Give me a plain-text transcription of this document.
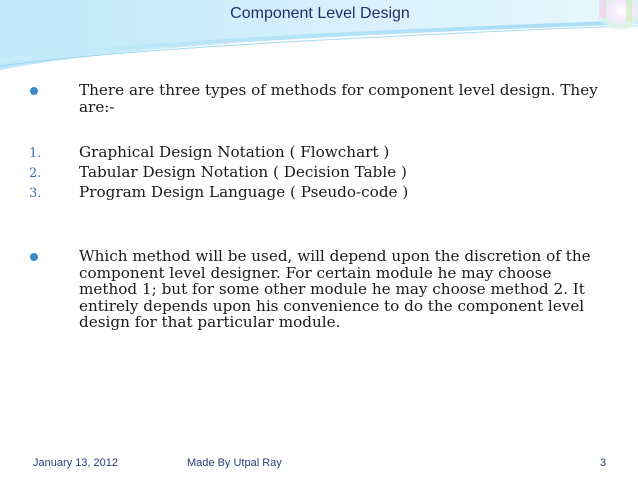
Component Level Design
There are three types of methods for component level design. They are:-
1. Graphical Design Notation ( Flowchart )
2. Tabular Design Notation ( Decision Table )
3. Program Design Language ( Pseudo-code )
Which method will be used, will depend upon the discretion of the component level designer. For certain module he may choose method 1; but for some other module he may choose method 2. It entirely depends upon his convenience to do the component level design for that particular module.
January 13, 2012	Made By Utpal Ray	3
